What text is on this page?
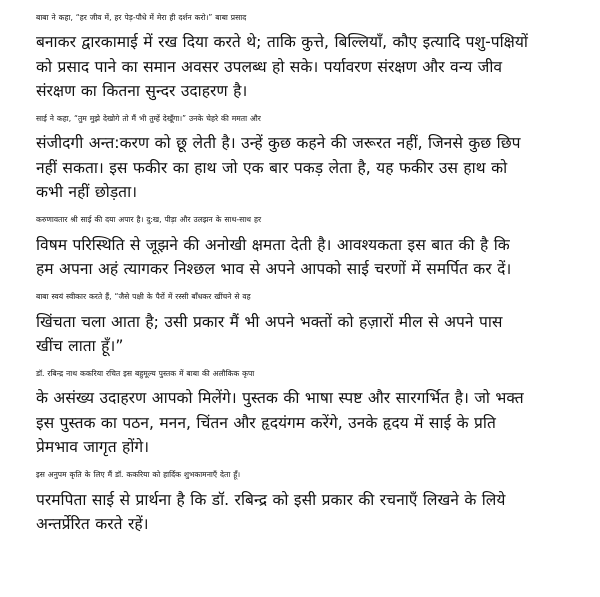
बाबा ने कहा, “हर जीव में, हर पेड़-पौधे में मेरा ही दर्शन करो।” बाबा प्रसाद
बनाकर द्वारकामाई में रख दिया करते थे; ताकि कुत्ते, बिल्लियाँ, कौए इत्यादि पशु-पक्षियों
को प्रसाद पाने का समान अवसर उपलब्ध हो सके। पर्यावरण संरक्षण और वन्य जीव
संरक्षण का कितना सुन्दर उदाहरण है।

साई ने कहा, “तुम मुझे देखोगे तो मैं भी तुम्हें देखूँगा।” उनके चेहरे की ममता और
संजीदगी अन्त:करण को छू लेती है। उन्हें कुछ कहने की जरूरत नहीं, जिनसे कुछ छिप
नहीं सकता। इस फकीर का हाथ जो एक बार पकड़ लेता है, यह फकीर उस हाथ को
कभी नहीं छोड़ता।

करुणावतार श्री साई की दया अपार है। दु:ख, पीड़ा और उलझन के साथ-साथ हर
विषम परिस्थिति से जूझने की अनोखी क्षमता देती है। आवश्यकता इस बात की है कि
हम अपना अहं त्यागकर निश्छल भाव से अपने आपको साई चरणों में समर्पित कर दें।

बाबा स्वयं स्वीकार करते हैं, “जैसे पक्षी के पैरों में रस्सी बाँधकर खींचने से वह
खिंचता चला आता है; उसी प्रकार मैं भी अपने भक्तों को हज़ारों मील से अपने पास
खींच लाता हूँ।”

डॉ. रबिन्द्र नाथ ककरिया रचित इस बहुमूल्य पुस्तक में बाबा की अलौकिक कृपा
के असंख्य उदाहरण आपको मिलेंगे। पुस्तक की भाषा स्पष्ट और सारगर्भित है। जो भक्त
इस पुस्तक का पठन, मनन, चिंतन और हृदयंगम करेंगे, उनके हृदय में साई के प्रति
प्रेमभाव जागृत होंगे।

इस अनुपम कृति के लिए मैं डॉ. ककरिया को हार्दिक शुभकामनाएँ देता हूँ।
परमपिता साई से प्रार्थना है कि डॉ. रबिन्द्र को इसी प्रकार की रचनाएँ लिखने के लिये
अन्तर्प्रेरित करते रहें।
